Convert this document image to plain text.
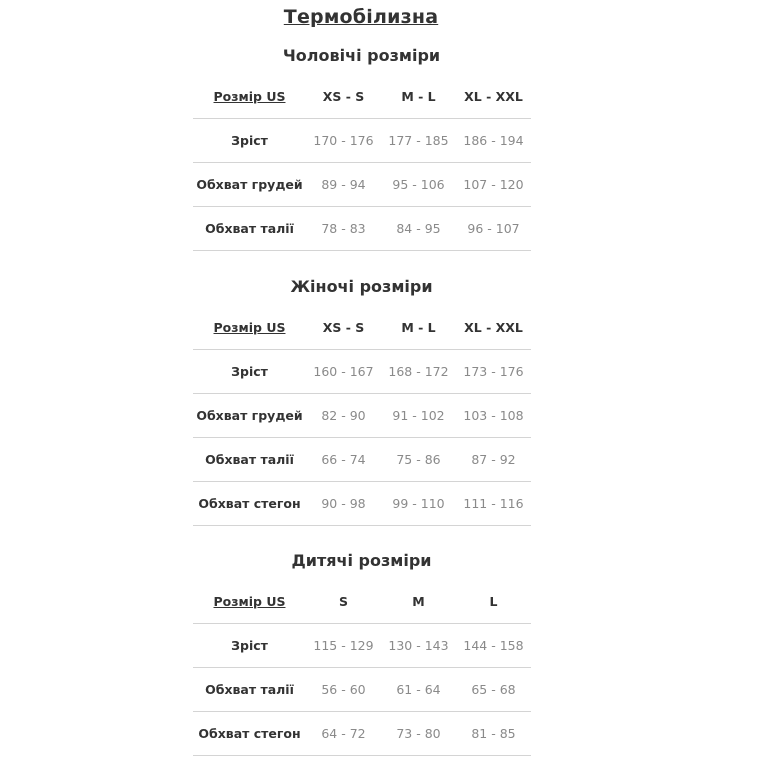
Термобілизна
Чоловічі розміри
Розмір US	XS - S	M - L	XL - XXL
Зріст	170 - 176	177 - 185	186 - 194
Обхват грудей	89 - 94	95 - 106	107 - 120
Обхват талії	78 - 83	84 - 95	96 - 107
Жіночі розміри
Розмір US	XS - S	M - L	XL - XXL
Зріст	160 - 167	168 - 172	173 - 176
Обхват грудей	82 - 90	91 - 102	103 - 108
Обхват талії	66 - 74	75 - 86	87 - 92
Обхват стегон	90 - 98	99 - 110	111 - 116
Дитячі розміри
Розмір US	S	M	L
Зріст	115 - 129	130 - 143	144 - 158
Обхват талії	56 - 60	61 - 64	65 - 68
Обхват стегон	64 - 72	73 - 80	81 - 85
